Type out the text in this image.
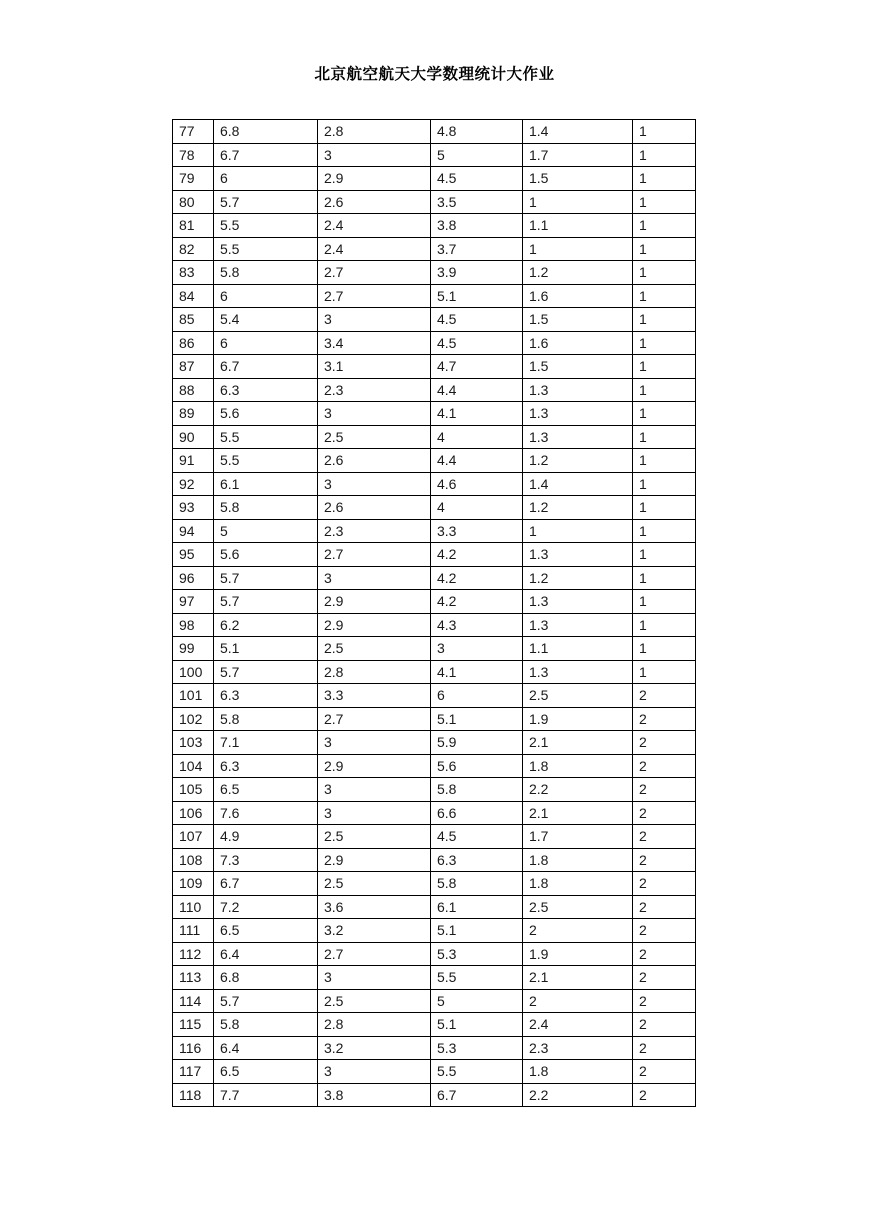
北京航空航天大学数理统计大作业
77	6.8	2.8	4.8	1.4	1
78	6.7	3	5	1.7	1
79	6	2.9	4.5	1.5	1
80	5.7	2.6	3.5	1	1
81	5.5	2.4	3.8	1.1	1
82	5.5	2.4	3.7	1	1
83	5.8	2.7	3.9	1.2	1
84	6	2.7	5.1	1.6	1
85	5.4	3	4.5	1.5	1
86	6	3.4	4.5	1.6	1
87	6.7	3.1	4.7	1.5	1
88	6.3	2.3	4.4	1.3	1
89	5.6	3	4.1	1.3	1
90	5.5	2.5	4	1.3	1
91	5.5	2.6	4.4	1.2	1
92	6.1	3	4.6	1.4	1
93	5.8	2.6	4	1.2	1
94	5	2.3	3.3	1	1
95	5.6	2.7	4.2	1.3	1
96	5.7	3	4.2	1.2	1
97	5.7	2.9	4.2	1.3	1
98	6.2	2.9	4.3	1.3	1
99	5.1	2.5	3	1.1	1
100	5.7	2.8	4.1	1.3	1
101	6.3	3.3	6	2.5	2
102	5.8	2.7	5.1	1.9	2
103	7.1	3	5.9	2.1	2
104	6.3	2.9	5.6	1.8	2
105	6.5	3	5.8	2.2	2
106	7.6	3	6.6	2.1	2
107	4.9	2.5	4.5	1.7	2
108	7.3	2.9	6.3	1.8	2
109	6.7	2.5	5.8	1.8	2
110	7.2	3.6	6.1	2.5	2
111	6.5	3.2	5.1	2	2
112	6.4	2.7	5.3	1.9	2
113	6.8	3	5.5	2.1	2
114	5.7	2.5	5	2	2
115	5.8	2.8	5.1	2.4	2
116	6.4	3.2	5.3	2.3	2
117	6.5	3	5.5	1.8	2
118	7.7	3.8	6.7	2.2	2
